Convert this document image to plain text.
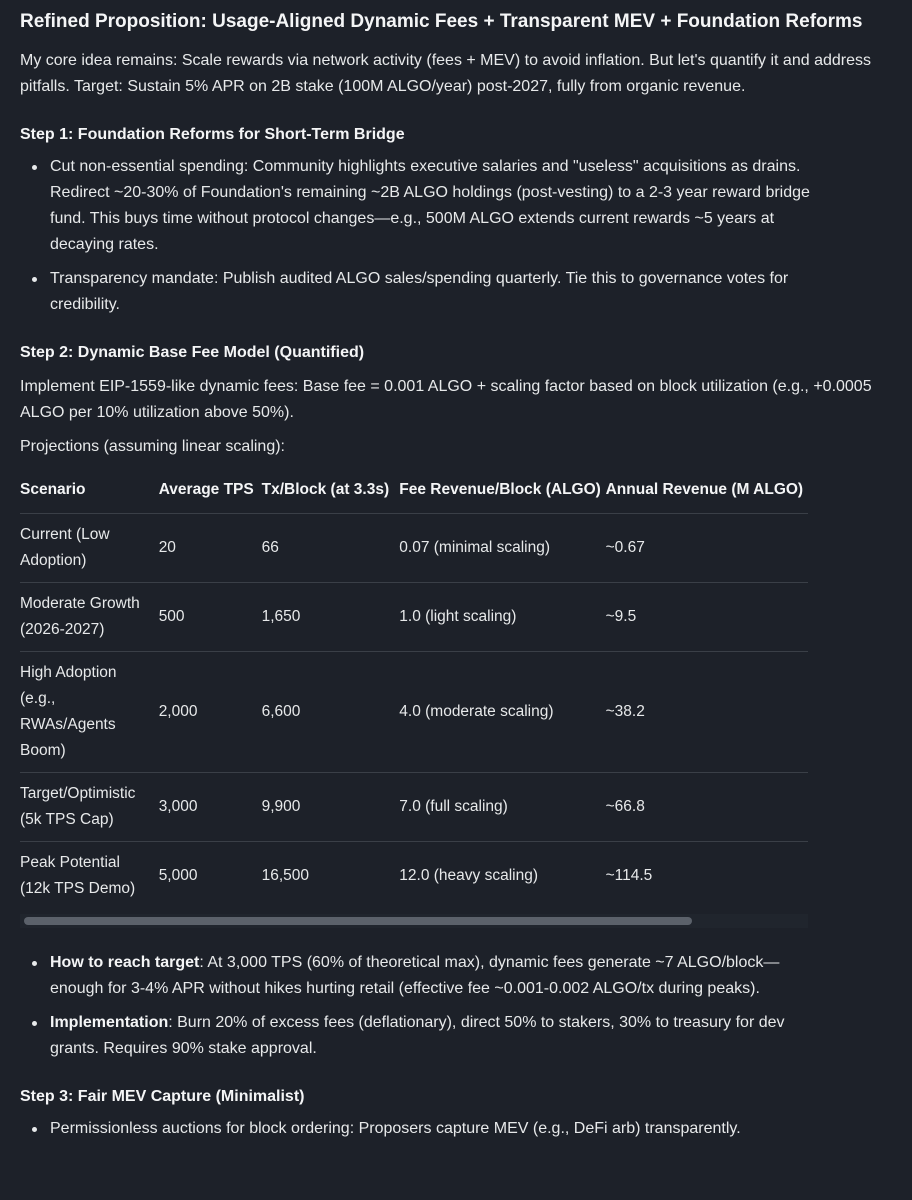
Refined Proposition: Usage-Aligned Dynamic Fees + Transparent MEV + Foundation Reforms

My core idea remains: Scale rewards via network activity (fees + MEV) to avoid inflation. But let's quantify it and address pitfalls. Target: Sustain 5% APR on 2B stake (100M ALGO/year) post-2027, fully from organic revenue.

Step 1: Foundation Reforms for Short-Term Bridge
Cut non-essential spending: Community highlights executive salaries and "useless" acquisitions as drains. Redirect ~20-30% of Foundation's remaining ~2B ALGO holdings (post-vesting) to a 2-3 year reward bridge fund. This buys time without protocol changes—e.g., 500M ALGO extends current rewards ~5 years at decaying rates.
Transparency mandate: Publish audited ALGO sales/spending quarterly. Tie this to governance votes for credibility.
Step 2: Dynamic Base Fee Model (Quantified)

Implement EIP-1559-like dynamic fees: Base fee = 0.001 ALGO + scaling factor based on block utilization (e.g., +0.0005 ALGO per 10% utilization above 50%).

Projections (assuming linear scaling):

Scenario	Average TPS	Tx/Block (at 3.3s)	Fee Revenue/Block (ALGO)	Annual Revenue (M ALGO)
Current (Low Adoption)	20	66	0.07 (minimal scaling)	~0.67
Moderate Growth (2026-2027)	500	1,650	1.0 (light scaling)	~9.5
High Adoption (e.g., RWAs/Agents Boom)	2,000	6,600	4.0 (moderate scaling)	~38.2
Target/Optimistic (5k TPS Cap)	3,000	9,900	7.0 (full scaling)	~66.8
Peak Potential (12k TPS Demo)	5,000	16,500	12.0 (heavy scaling)	~114.5
How to reach target: At 3,000 TPS (60% of theoretical max), dynamic fees generate ~7 ALGO/block—enough for 3-4% APR without hikes hurting retail (effective fee ~0.001-0.002 ALGO/tx during peaks).
Implementation: Burn 20% of excess fees (deflationary), direct 50% to stakers, 30% to treasury for dev grants. Requires 90% stake approval.
Step 3: Fair MEV Capture (Minimalist)
Permissionless auctions for block ordering: Proposers capture MEV (e.g., DeFi arb) transparently.
